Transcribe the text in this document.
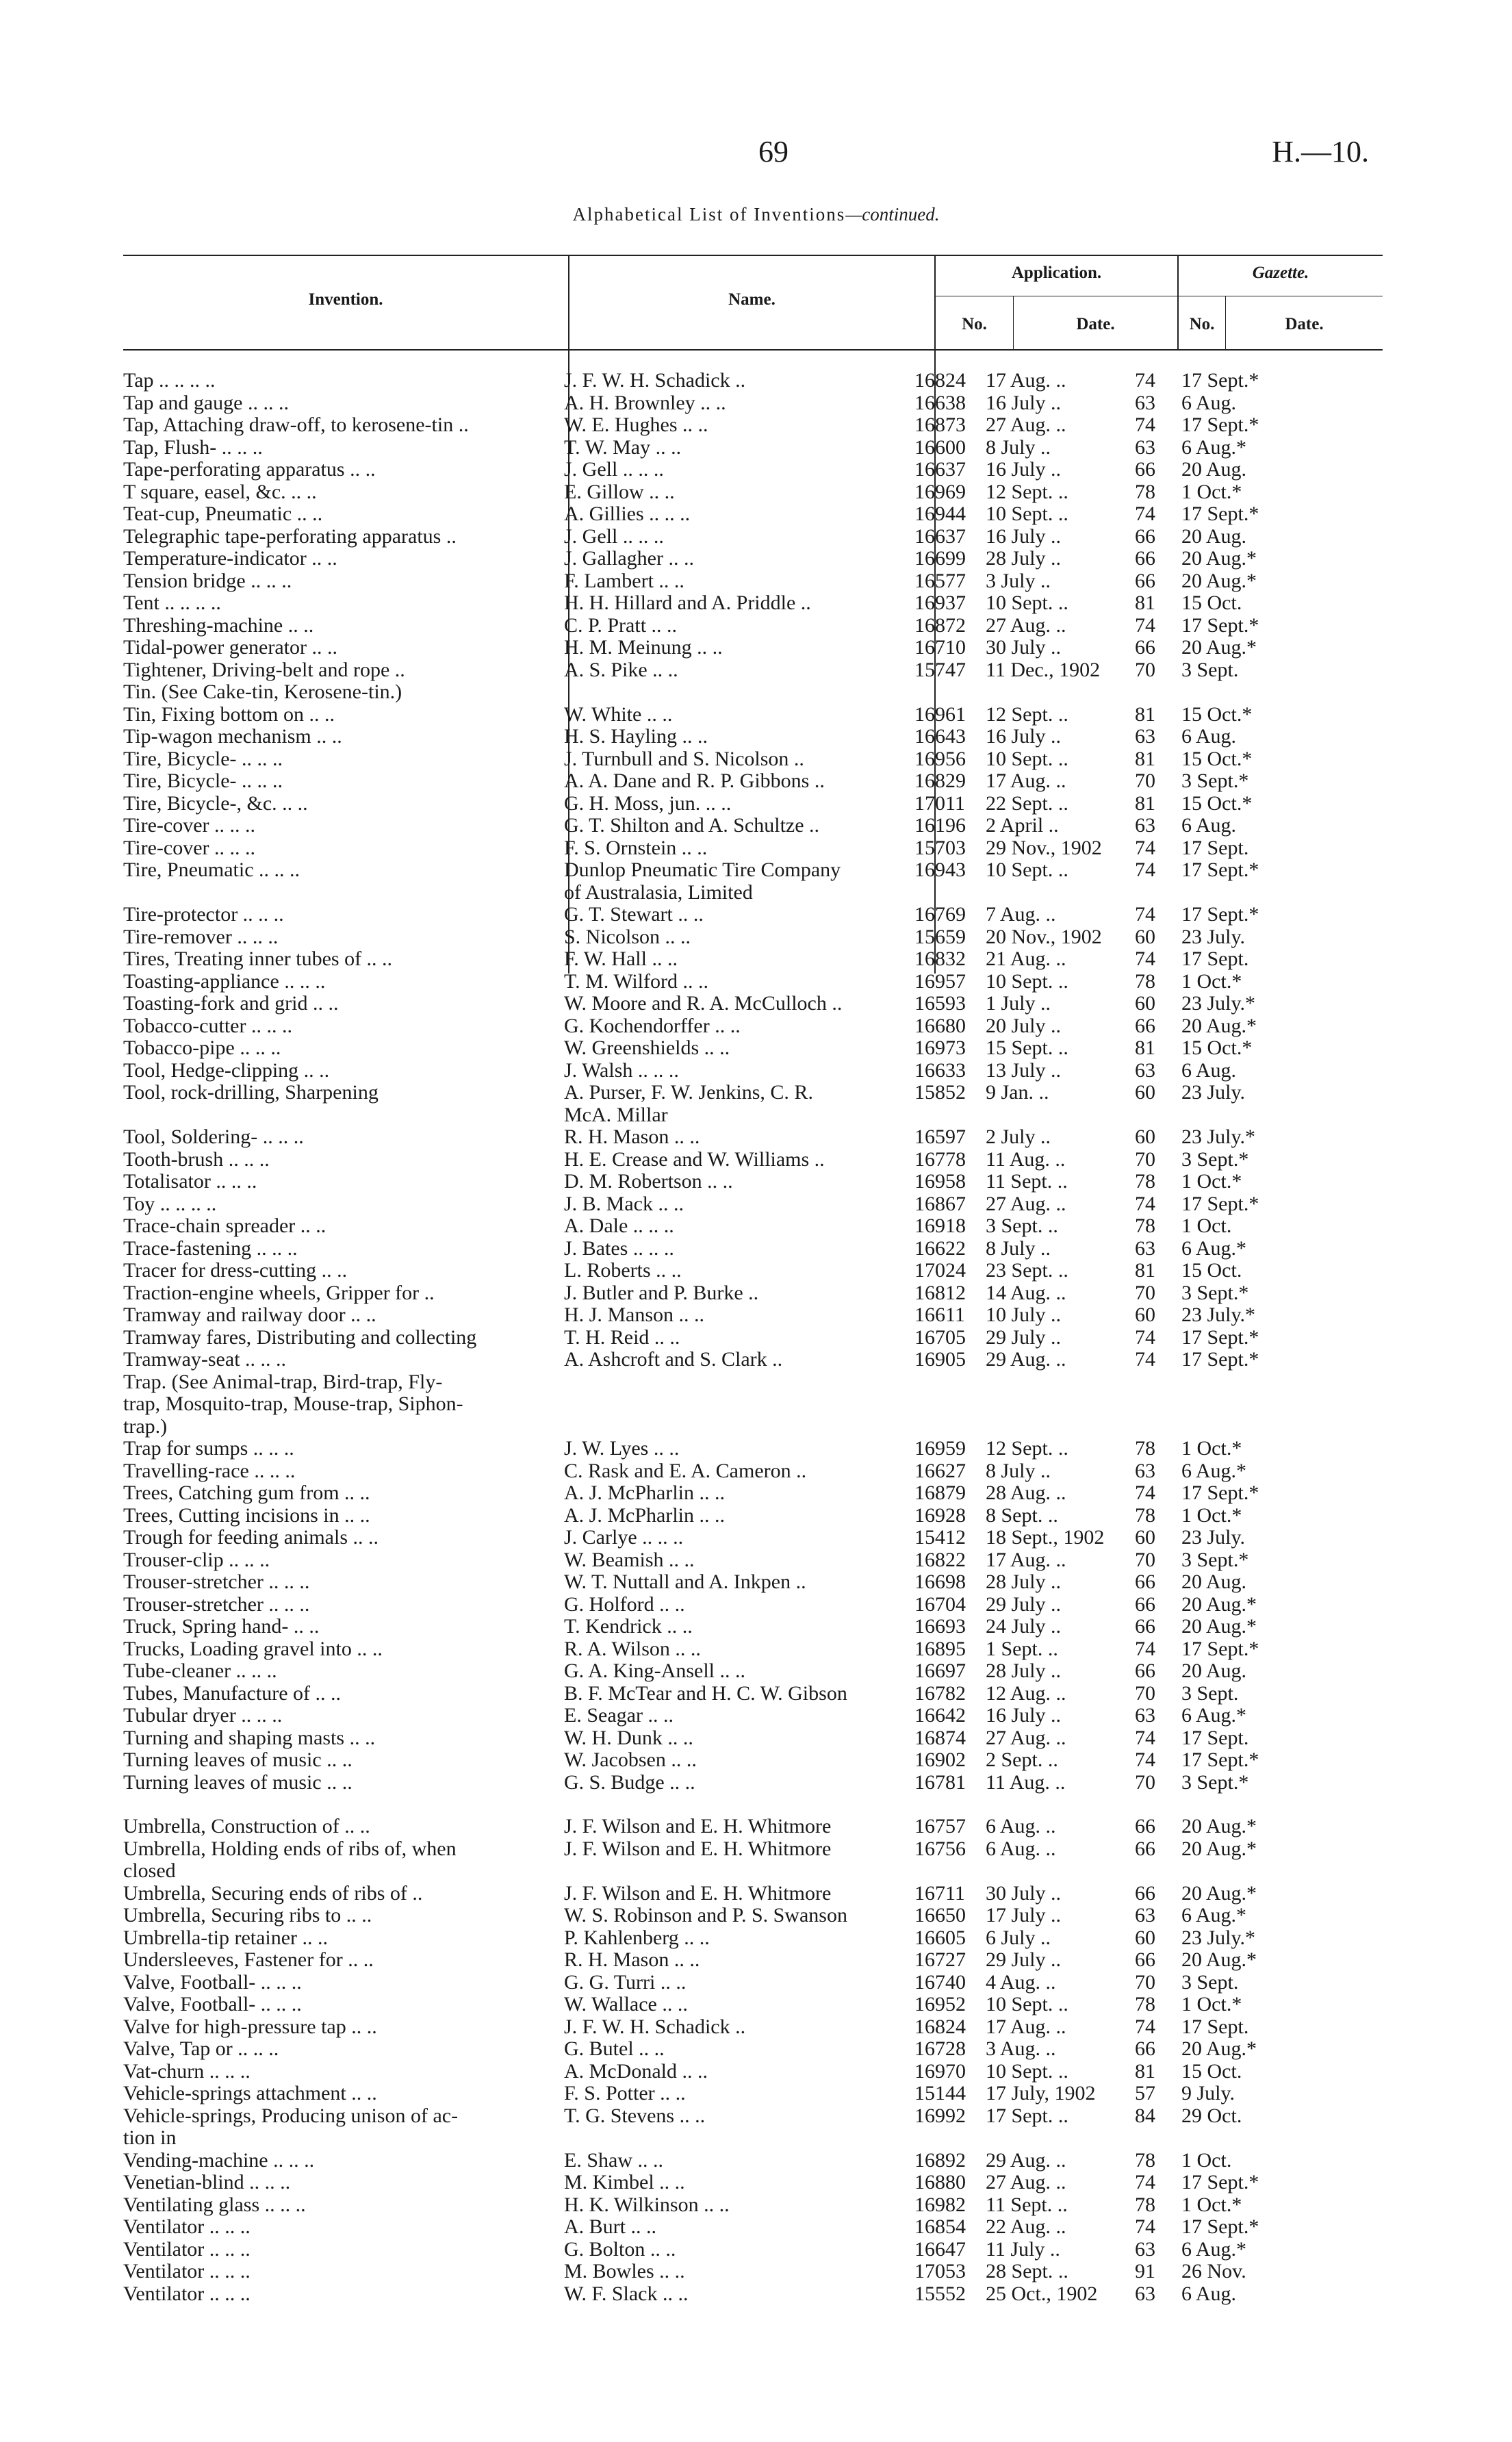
69	H.—10.
Alphabetical List of Inventions—continued.
Invention.	Name.
Application.	Gazette.
No.	Date.	No.	Date.
Tap .. .. .. ..	J. F. W. H. Schadick ..	16824	17 Aug. ..	74	17 Sept.*
Tap and gauge .. .. ..	A. H. Brownley .. ..	16638	16 July ..	63	6 Aug.
Tap, Attaching draw-off, to kerosene-tin ..	W. E. Hughes .. ..	16873	27 Aug. ..	74	17 Sept.*
Tap, Flush- .. .. ..	T. W. May .. ..	16600	8 July ..	63	6 Aug.*
Tape-perforating apparatus .. ..	J. Gell .. .. ..	16637	16 July ..	66	20 Aug.
T square, easel, &c. .. ..	E. Gillow .. ..	16969	12 Sept. ..	78	1 Oct.*
Teat-cup, Pneumatic .. ..	A. Gillies .. .. ..	16944	10 Sept. ..	74	17 Sept.*
Telegraphic tape-perforating apparatus ..	J. Gell .. .. ..	16637	16 July ..	66	20 Aug.
Temperature-indicator .. ..	J. Gallagher .. ..	16699	28 July ..	66	20 Aug.*
Tension bridge .. .. ..	F. Lambert .. ..	16577	3 July ..	66	20 Aug.*
Tent .. .. .. ..	H. H. Hillard and A. Priddle ..	16937	10 Sept. ..	81	15 Oct.
Threshing-machine .. ..	C. P. Pratt .. ..	16872	27 Aug. ..	74	17 Sept.*
Tidal-power generator .. ..	H. M. Meinung .. ..	16710	30 July ..	66	20 Aug.*
Tightener, Driving-belt and rope ..	A. S. Pike .. ..	15747	11 Dec., 1902	70	3 Sept.
Tin. (See Cake-tin, Kerosene-tin.)					
Tin, Fixing bottom on .. ..	W. White .. ..	16961	12 Sept. ..	81	15 Oct.*
Tip-wagon mechanism .. ..	H. S. Hayling .. ..	16643	16 July ..	63	6 Aug.
Tire, Bicycle- .. .. ..	J. Turnbull and S. Nicolson ..	16956	10 Sept. ..	81	15 Oct.*
Tire, Bicycle- .. .. ..	A. A. Dane and R. P. Gibbons ..	16829	17 Aug. ..	70	3 Sept.*
Tire, Bicycle-, &c. .. ..	G. H. Moss, jun. .. ..	17011	22 Sept. ..	81	15 Oct.*
Tire-cover .. .. ..	G. T. Shilton and A. Schultze ..	16196	2 April ..	63	6 Aug.
Tire-cover .. .. ..	F. S. Ornstein .. ..	15703	29 Nov., 1902	74	17 Sept.
Tire, Pneumatic .. .. ..	Dunlop Pneumatic Tire Company	16943	10 Sept. ..	74	17 Sept.*
	of Australasia, Limited				
Tire-protector .. .. ..	G. T. Stewart .. ..	16769	7 Aug. ..	74	17 Sept.*
Tire-remover .. .. ..	S. Nicolson .. ..	15659	20 Nov., 1902	60	23 July.
Tires, Treating inner tubes of .. ..	F. W. Hall .. ..	16832	21 Aug. ..	74	17 Sept.
Toasting-appliance .. .. ..	T. M. Wilford .. ..	16957	10 Sept. ..	78	1 Oct.*
Toasting-fork and grid .. ..	W. Moore and R. A. McCulloch ..	16593	1 July ..	60	23 July.*
Tobacco-cutter .. .. ..	G. Kochendorffer .. ..	16680	20 July ..	66	20 Aug.*
Tobacco-pipe .. .. ..	W. Greenshields .. ..	16973	15 Sept. ..	81	15 Oct.*
Tool, Hedge-clipping .. ..	J. Walsh .. .. ..	16633	13 July ..	63	6 Aug.
Tool, rock-drilling, Sharpening	A. Purser, F. W. Jenkins, C. R.	15852	9 Jan. ..	60	23 July.
	McA. Millar				
Tool, Soldering- .. .. ..	R. H. Mason .. ..	16597	2 July ..	60	23 July.*
Tooth-brush .. .. ..	H. E. Crease and W. Williams ..	16778	11 Aug. ..	70	3 Sept.*
Totalisator .. .. ..	D. M. Robertson .. ..	16958	11 Sept. ..	78	1 Oct.*
Toy .. .. .. ..	J. B. Mack .. ..	16867	27 Aug. ..	74	17 Sept.*
Trace-chain spreader .. ..	A. Dale .. .. ..	16918	3 Sept. ..	78	1 Oct.
Trace-fastening .. .. ..	J. Bates .. .. ..	16622	8 July ..	63	6 Aug.*
Tracer for dress-cutting .. ..	L. Roberts .. ..	17024	23 Sept. ..	81	15 Oct.
Traction-engine wheels, Gripper for ..	J. Butler and P. Burke ..	16812	14 Aug. ..	70	3 Sept.*
Tramway and railway door .. ..	H. J. Manson .. ..	16611	10 July ..	60	23 July.*
Tramway fares, Distributing and collecting	T. H. Reid .. ..	16705	29 July ..	74	17 Sept.*
Tramway-seat .. .. ..	A. Ashcroft and S. Clark ..	16905	29 Aug. ..	74	17 Sept.*
Trap. (See Animal-trap, Bird-trap, Fly-					
trap, Mosquito-trap, Mouse-trap, Siphon-					
trap.)					
Trap for sumps .. .. ..	J. W. Lyes .. ..	16959	12 Sept. ..	78	1 Oct.*
Travelling-race .. .. ..	C. Rask and E. A. Cameron ..	16627	8 July ..	63	6 Aug.*
Trees, Catching gum from .. ..	A. J. McPharlin .. ..	16879	28 Aug. ..	74	17 Sept.*
Trees, Cutting incisions in .. ..	A. J. McPharlin .. ..	16928	8 Sept. ..	78	1 Oct.*
Trough for feeding animals .. ..	J. Carlye .. .. ..	15412	18 Sept., 1902	60	23 July.
Trouser-clip .. .. ..	W. Beamish .. ..	16822	17 Aug. ..	70	3 Sept.*
Trouser-stretcher .. .. ..	W. T. Nuttall and A. Inkpen ..	16698	28 July ..	66	20 Aug.
Trouser-stretcher .. .. ..	G. Holford .. ..	16704	29 July ..	66	20 Aug.*
Truck, Spring hand- .. ..	T. Kendrick .. ..	16693	24 July ..	66	20 Aug.*
Trucks, Loading gravel into .. ..	R. A. Wilson .. ..	16895	1 Sept. ..	74	17 Sept.*
Tube-cleaner .. .. ..	G. A. King-Ansell .. ..	16697	28 July ..	66	20 Aug.
Tubes, Manufacture of .. ..	B. F. McTear and H. C. W. Gibson	16782	12 Aug. ..	70	3 Sept.
Tubular dryer .. .. ..	E. Seagar .. ..	16642	16 July ..	63	6 Aug.*
Turning and shaping masts .. ..	W. H. Dunk .. ..	16874	27 Aug. ..	74	17 Sept.
Turning leaves of music .. ..	W. Jacobsen .. ..	16902	2 Sept. ..	74	17 Sept.*
Turning leaves of music .. ..	G. S. Budge .. ..	16781	11 Aug. ..	70	3 Sept.*

Umbrella, Construction of .. ..	J. F. Wilson and E. H. Whitmore	16757	6 Aug. ..	66	20 Aug.*
Umbrella, Holding ends of ribs of, when	J. F. Wilson and E. H. Whitmore	16756	6 Aug. ..	66	20 Aug.*
closed					
Umbrella, Securing ends of ribs of ..	J. F. Wilson and E. H. Whitmore	16711	30 July ..	66	20 Aug.*
Umbrella, Securing ribs to .. ..	W. S. Robinson and P. S. Swanson	16650	17 July ..	63	6 Aug.*
Umbrella-tip retainer .. ..	P. Kahlenberg .. ..	16605	6 July ..	60	23 July.*
Undersleeves, Fastener for .. ..	R. H. Mason .. ..	16727	29 July ..	66	20 Aug.*
Valve, Football- .. .. ..	G. G. Turri .. ..	16740	4 Aug. ..	70	3 Sept.
Valve, Football- .. .. ..	W. Wallace .. ..	16952	10 Sept. ..	78	1 Oct.*
Valve for high-pressure tap .. ..	J. F. W. H. Schadick ..	16824	17 Aug. ..	74	17 Sept.
Valve, Tap or .. .. ..	G. Butel .. ..	16728	3 Aug. ..	66	20 Aug.*
Vat-churn .. .. ..	A. McDonald .. ..	16970	10 Sept. ..	81	15 Oct.
Vehicle-springs attachment .. ..	F. S. Potter .. ..	15144	17 July, 1902	57	9 July.
Vehicle-springs, Producing unison of ac-	T. G. Stevens .. ..	16992	17 Sept. ..	84	29 Oct.
tion in					
Vending-machine .. .. ..	E. Shaw .. ..	16892	29 Aug. ..	78	1 Oct.
Venetian-blind .. .. ..	M. Kimbel .. ..	16880	27 Aug. ..	74	17 Sept.*
Ventilating glass .. .. ..	H. K. Wilkinson .. ..	16982	11 Sept. ..	78	1 Oct.*
Ventilator .. .. ..	A. Burt .. ..	16854	22 Aug. ..	74	17 Sept.*
Ventilator .. .. ..	G. Bolton .. ..	16647	11 July ..	63	6 Aug.*
Ventilator .. .. ..	M. Bowles .. ..	17053	28 Sept. ..	91	26 Nov.
Ventilator .. .. ..	W. F. Slack .. ..	15552	25 Oct., 1902	63	6 Aug.
